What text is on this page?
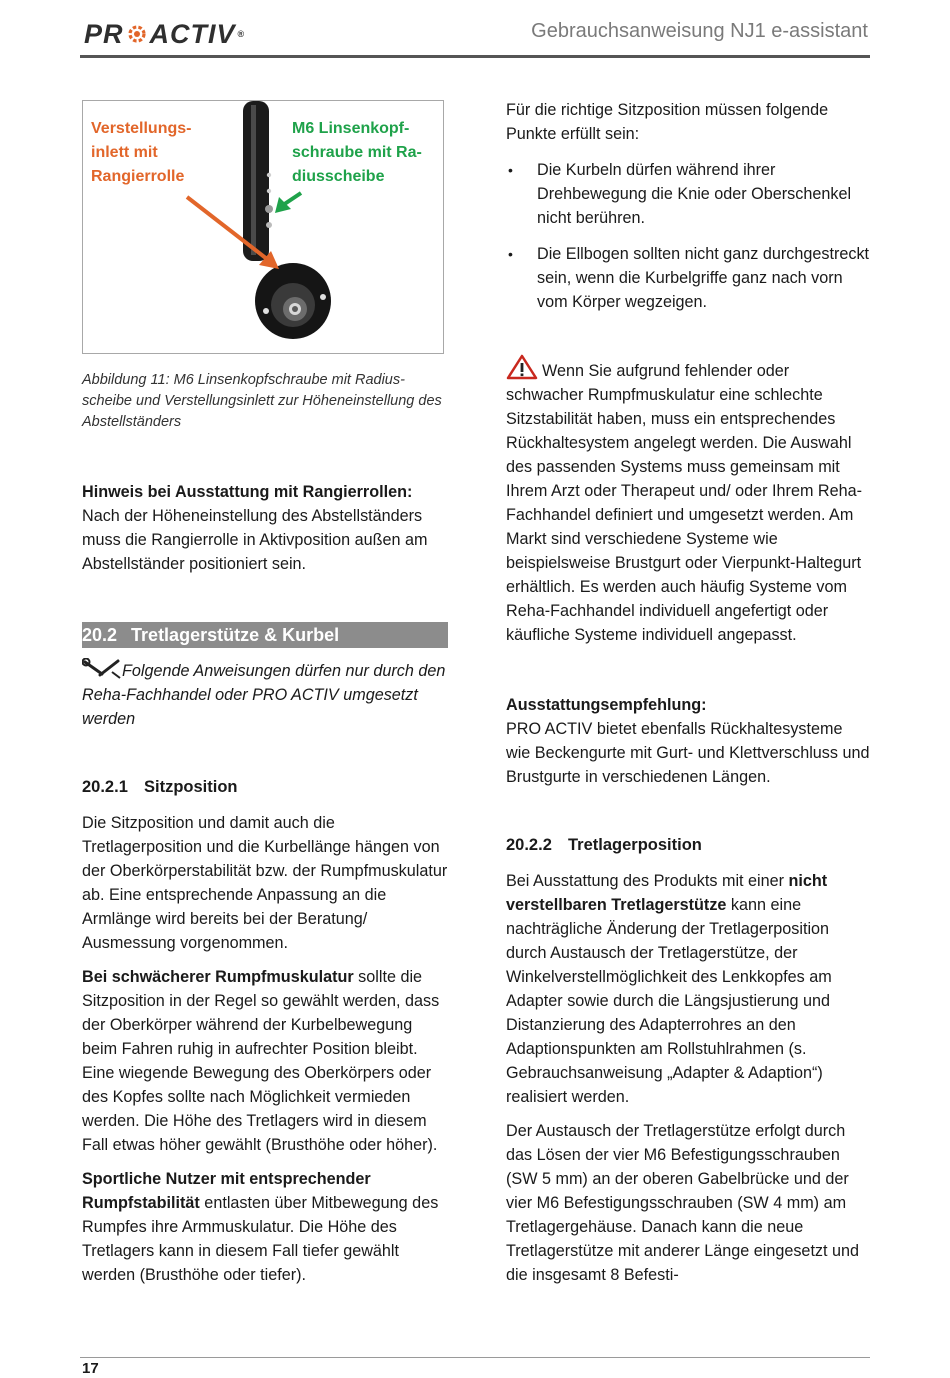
PR ACTIV ®	Gebrauchsanweisung NJ1 e-assistant
Verstellungs-
inlett mit
Rangierrolle
M6 Linsenkopf-
schraube mit Ra-
diusscheibe
Abbildung 11: M6 Linsenkopfschraube mit Radius-scheibe und Verstellungsinlett zur Höheneinstellung des Abstellständers

Hinweis bei Ausstattung mit Rangierrollen:
Nach der Höheneinstellung des Abstellständers muss die Rangierrolle in Aktivposition außen am Abstellständer positioniert sein.

20.2 Tretlagerstütze & Kurbel

Folgende Anweisungen dürfen nur durch den Reha-Fachhandel oder PRO ACTIV umgesetzt werden

20.2.1 Sitzposition

Die Sitzposition und damit auch die Tretlagerposition und die Kurbellänge hängen von der Oberkörperstabilität bzw. der Rumpfmuskulatur ab. Eine entsprechende Anpassung an die Armlänge wird bereits bei der Beratung/ Ausmessung vorgenommen.

Bei schwächerer Rumpfmuskulatur sollte die Sitzposition in der Regel so gewählt werden, dass der Oberkörper während der Kurbelbewegung beim Fahren ruhig in aufrechter Position bleibt. Eine wiegende Bewegung des Oberkörpers oder des Kopfes sollte nach Möglichkeit vermieden werden. Die Höhe des Tretlagers wird in diesem Fall etwas höher gewählt (Brusthöhe oder höher).

Sportliche Nutzer mit entsprechender Rumpfstabilität entlasten über Mitbewegung des Rumpfes ihre Armmuskulatur. Die Höhe des Tretlagers kann in diesem Fall tiefer gewählt werden (Brusthöhe oder tiefer).

Für die richtige Sitzposition müssen folgende Punkte erfüllt sein:

• Die Kurbeln dürfen während ihrer Drehbewegung die Knie oder Oberschenkel nicht berühren.
• Die Ellbogen sollten nicht ganz durchgestreckt sein, wenn die Kurbelgriffe ganz nach vorn vom Körper wegzeigen.

Wenn Sie aufgrund fehlender oder schwacher Rumpfmuskulatur eine schlechte Sitzstabilität haben, muss ein entsprechendes Rückhaltesystem angelegt werden. Die Auswahl des passenden Systems muss gemeinsam mit Ihrem Arzt oder Therapeut und/ oder Ihrem Reha-Fachhandel definiert und umgesetzt werden. Am Markt sind verschiedene Systeme wie beispielsweise Brustgurt oder Vierpunkt-Haltegurt erhältlich. Es werden auch häufig Systeme vom Reha-Fachhandel individuell angefertigt oder käufliche Systeme individuell angepasst.

Ausstattungsempfehlung:
PRO ACTIV bietet ebenfalls Rückhaltesysteme wie Beckengurte mit Gurt- und Klettverschluss und Brustgurte in verschiedenen Längen.

20.2.2 Tretlagerposition

Bei Ausstattung des Produkts mit einer nicht verstellbaren Tretlagerstütze kann eine nachträgliche Änderung der Tretlagerposition durch Austausch der Tretlagerstütze, der Winkelverstellmöglichkeit des Lenkkopfes am Adapter sowie durch die Längsjustierung und Distanzierung des Adapterrohres an den Adaptionspunkten am Rollstuhlrahmen (s. Gebrauchsanweisung „Adapter & Adaption“) realisiert werden.

Der Austausch der Tretlagerstütze erfolgt durch das Lösen der vier M6 Befestigungsschrauben (SW 5 mm) an der oberen Gabelbrücke und der vier M6 Befestigungsschrauben (SW 4 mm) am Tretlagergehäuse. Danach kann die neue Tretlagerstütze mit anderer Länge eingesetzt und die insgesamt 8 Befesti-

17
